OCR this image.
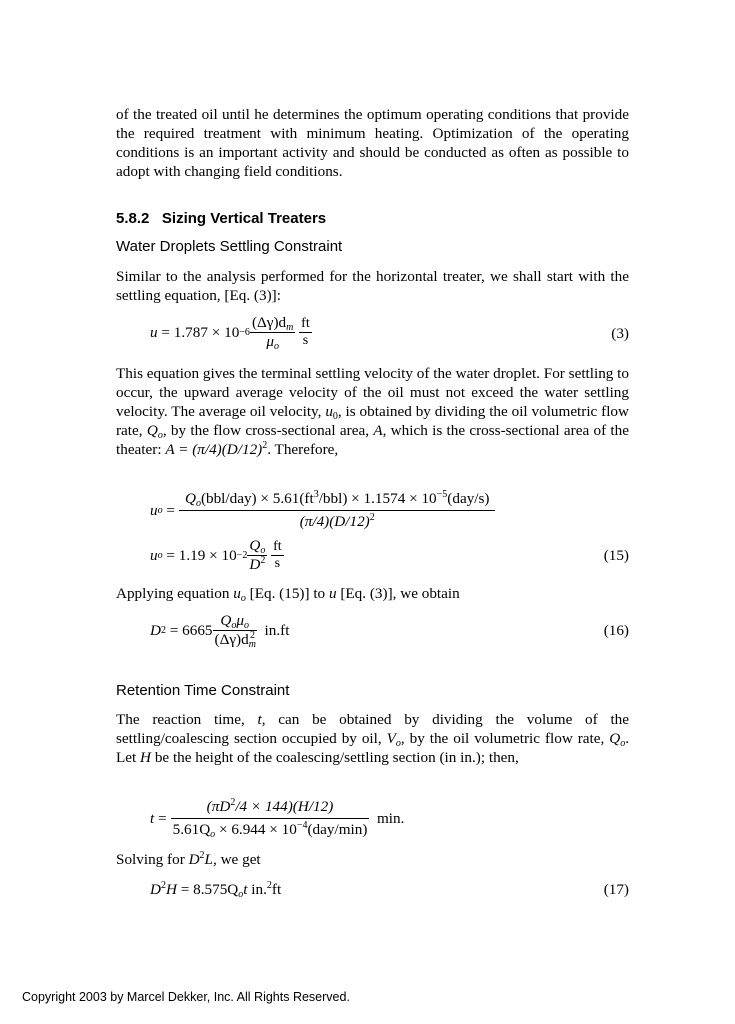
of the treated oil until he determines the optimum operating conditions that provide the required treatment with minimum heating. Optimization of the operating conditions is an important activity and should be conducted as often as possible to adopt with changing field conditions.

5.8.2 Sizing Vertical Treaters
Water Droplets Settling Constraint

Similar to the analysis performed for the horizontal treater, we shall start with the settling equation, [Eq. (3)]:

$u = 1.787 \times 10 -6 \frac{(\Delta\gamma)d_m}{\mu_o}$
$\frac{ft}{s}$	(3)

This equation gives the terminal settling velocity of the water droplet. For settling to occur, the upward average velocity of the oil must not exceed the water settling velocity. The average oil velocity, $u_0$, is obtained by dividing the oil volumetric flow rate, $Q_o$, by the flow cross-sectional area, A, which is the cross-sectional area of the theater: $A = (\pi/4)(D/12)^2$. Therefore,

u $o = \frac{Q_o(bbl/day) \times 5.61(ft^3/bbl) \times 1.1574 \times 10^{-5}(day/s)}{(\pi/4)(D/12)^2}$
u $o = 1.19 \times 10 -2 \frac{Q_o}{D^2}$
$\frac{ft}{s}$	(15)

Applying equation $u_o$ [Eq. (15)] to u [Eq. (3)], we obtain

D $2 = 6665 \frac{Q_o\mu_o}{(\Delta\gamma)d_m^2}$
in.ft	(16)
Retention Time Constraint

The reaction time, t, can be obtained by dividing the volume of the settling/coalescing section occupied by oil, $V_o$, by the oil volumetric flow rate, $Q_o$. Let H be the height of the coalescing/settling section (in in.); then,

$t = \frac{(\pi D^2/4 \times 144)(H/12)}{5.61Q_o \times 6.944 \times 10^{-4}(day/\min)}$
min.

Solving for $D^2L$, we get

$D^2H = 8.575Q_ot$ in.$^2$ft	(17)
Copyright 2003 by Marcel Dekker, Inc. All Rights Reserved.
